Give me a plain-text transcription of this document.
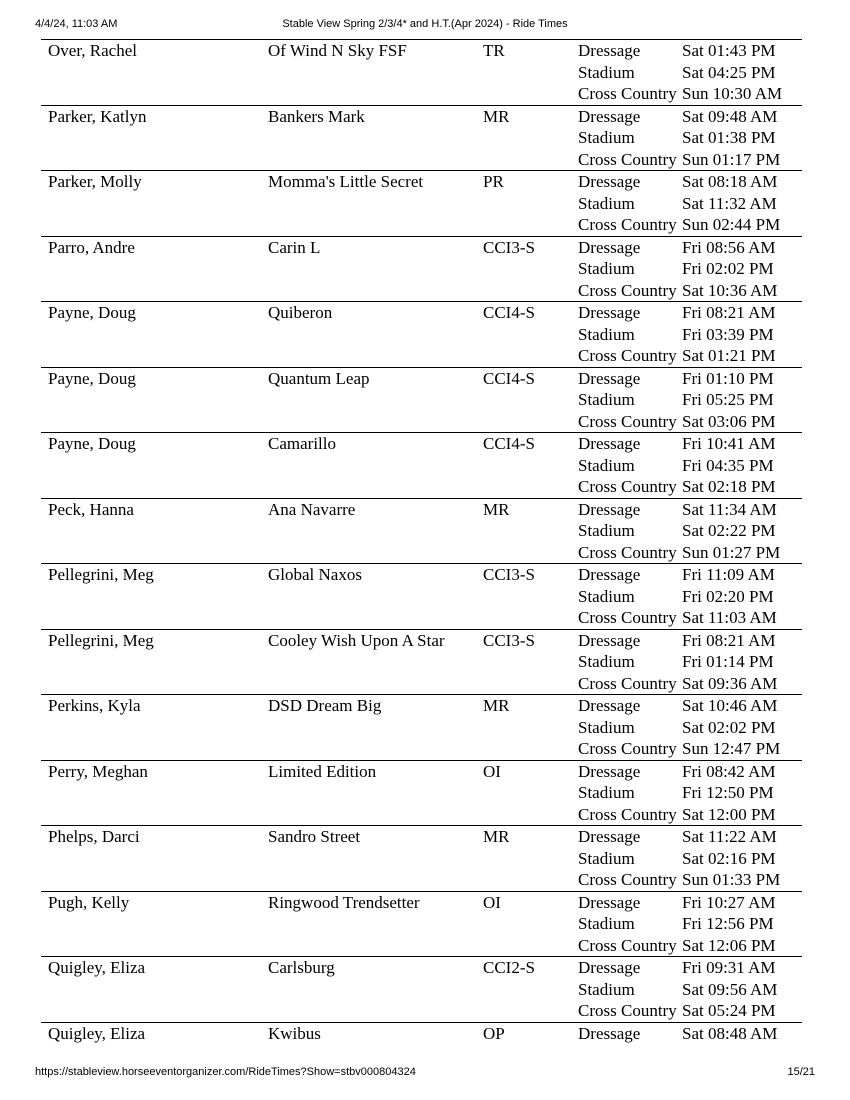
4/4/24, 11:03 AM	Stable View Spring 2/3/4* and H.T.(Apr 2024) - Ride Times
Over, Rachel	Of Wind N Sky FSF	TR	Dressage Sat 01:43 PM
Stadium	Sat 04:25 PM
Cross Country Sun 10:30 AM
Parker, Katlyn	Bankers Mark	MR	Dressage Sat 09:48 AM
Stadium	Sat 01:38 PM
Cross Country Sun 01:17 PM
Parker, Molly	Momma's Little Secret	PR	Dressage Sat 08:18 AM
Stadium	Sat 11:32 AM
Cross Country Sun 02:44 PM
Parro, Andre	Carin L	CCI3-S	Dressage Fri 08:56 AM
Stadium	Fri 02:02 PM
Cross Country Sat 10:36 AM
Payne, Doug	Quiberon	CCI4-S	Dressage Fri 08:21 AM
Stadium	Fri 03:39 PM
Cross Country Sat 01:21 PM
Payne, Doug	Quantum Leap	CCI4-S	Dressage Fri 01:10 PM
Stadium	Fri 05:25 PM
Cross Country Sat 03:06 PM
Payne, Doug	Camarillo	CCI4-S	Dressage Fri 10:41 AM
Stadium	Fri 04:35 PM
Cross Country Sat 02:18 PM
Peck, Hanna	Ana Navarre	MR	Dressage Sat 11:34 AM
Stadium	Sat 02:22 PM
Cross Country Sun 01:27 PM
Pellegrini, Meg	Global Naxos	CCI3-S	Dressage Fri 11:09 AM
Stadium	Fri 02:20 PM
Cross Country Sat 11:03 AM
Pellegrini, Meg	Cooley Wish Upon A Star CCI3-S	Dressage Fri 08:21 AM
Stadium	Fri 01:14 PM
Cross Country Sat 09:36 AM
Perkins, Kyla	DSD Dream Big	MR	Dressage Sat 10:46 AM
Stadium	Sat 02:02 PM
Cross Country Sun 12:47 PM
Perry, Meghan	Limited Edition	OI	Dressage Fri 08:42 AM
Stadium	Fri 12:50 PM
Cross Country Sat 12:00 PM
Phelps, Darci	Sandro Street	MR	Dressage Sat 11:22 AM
Stadium	Sat 02:16 PM
Cross Country Sun 01:33 PM
Pugh, Kelly	Ringwood Trendsetter	OI	Dressage Fri 10:27 AM
Stadium	Fri 12:56 PM
Cross Country Sat 12:06 PM
Quigley, Eliza	Carlsburg	CCI2-S	Dressage Fri 09:31 AM
Stadium	Sat 09:56 AM
Cross Country Sat 05:24 PM
Quigley, Eliza	Kwibus	OP	Dressage Sat 08:48 AM
https://stableview.horseeventorganizer.com/RideTimes?Show=stbv000804324	15/21
